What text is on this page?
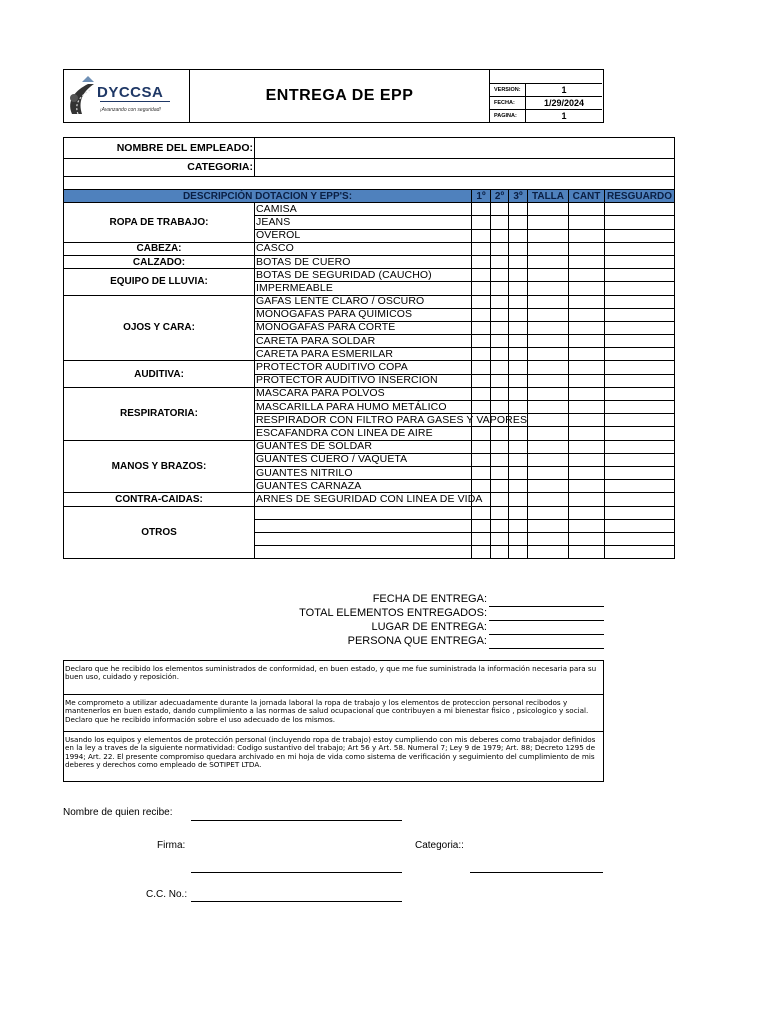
DYCCSA
¡Avanzando con seguridad!
ENTREGA DE EPP	VERSION:	1
FECHA:	1/29/2024
PAGINA:	1
NOMBRE DEL EMPLEADO:							
CATEGORIA:							

DESCRIPCIÓN DOTACION Y EPP'S:		1º	2º	3º	TALLA	CANT	RESGUARDO
ROPA DE TRABAJO:	CAMISA						
	JEANS						
	OVEROL						
CABEZA:	CASCO						
CALZADO:	BOTAS DE CUERO						
EQUIPO DE LLUVIA:	BOTAS DE SEGURIDAD (CAUCHO)						
	IMPERMEABLE						
OJOS Y CARA:	GAFAS LENTE CLARO / OSCURO						
	MONOGAFAS PARA QUIMICOS						
	MONOGAFAS PARA CORTE						
	CARETA PARA SOLDAR						
	CARETA PARA ESMERILAR						
AUDITIVA:	PROTECTOR AUDITIVO COPA						
	PROTECTOR AUDITIVO INSERCION						
RESPIRATORIA:	MASCARA PARA POLVOS						
	MASCARILLA PARA HUMO METÁLICO						
	RESPIRADOR CON FILTRO PARA GASES Y VAPORES						
	ESCAFANDRA CON LINEA DE AIRE						
MANOS Y BRAZOS:	GUANTES DE SOLDAR						
	GUANTES CUERO / VAQUETA						
	GUANTES NITRILO						
	GUANTES CARNAZA						
CONTRA-CAIDAS:	ARNES DE SEGURIDAD CON LINEA DE VIDA						
OTROS							

FECHA DE ENTREGA:
TOTAL ELEMENTOS ENTREGADOS:
LUGAR DE ENTREGA:
PERSONA QUE ENTREGA:
Declaro que he recibido los elementos suministrados de conformidad, en buen estado, y que me fue suministrada la información necesaria para su buen uso, cuidado y reposición.
Me comprometo a utilizar adecuadamente durante la jornada laboral la ropa de trabajo y los elementos de proteccion personal recibodos y mantenerlos en buen estado, dando cumplimiento a las normas de salud ocupacional que contribuyen a mi bienestar fisico , psicologico y social. Declaro que he recibido información sobre el uso adecuado de los mismos.
Usando los equipos y elementos de protección personal (incluyendo ropa de trabajo) estoy cumpliendo con mis deberes como trabajador definidos en la ley a traves de la siguiente normatividad: Codigo sustantivo del trabajo; Art 56 y Art. 58. Numeral 7; Ley 9 de 1979; Art. 88; Decreto 1295 de 1994; Art. 22. El presente compromiso quedara archivado en mi hoja de vida como sistema de verificación y seguimiento del cumplimiento de mis deberes y derechos como empleado de SOTIPET LTDA.
Nombre de quien recibe:
Firma:	Categoria::
C.C. No.:
